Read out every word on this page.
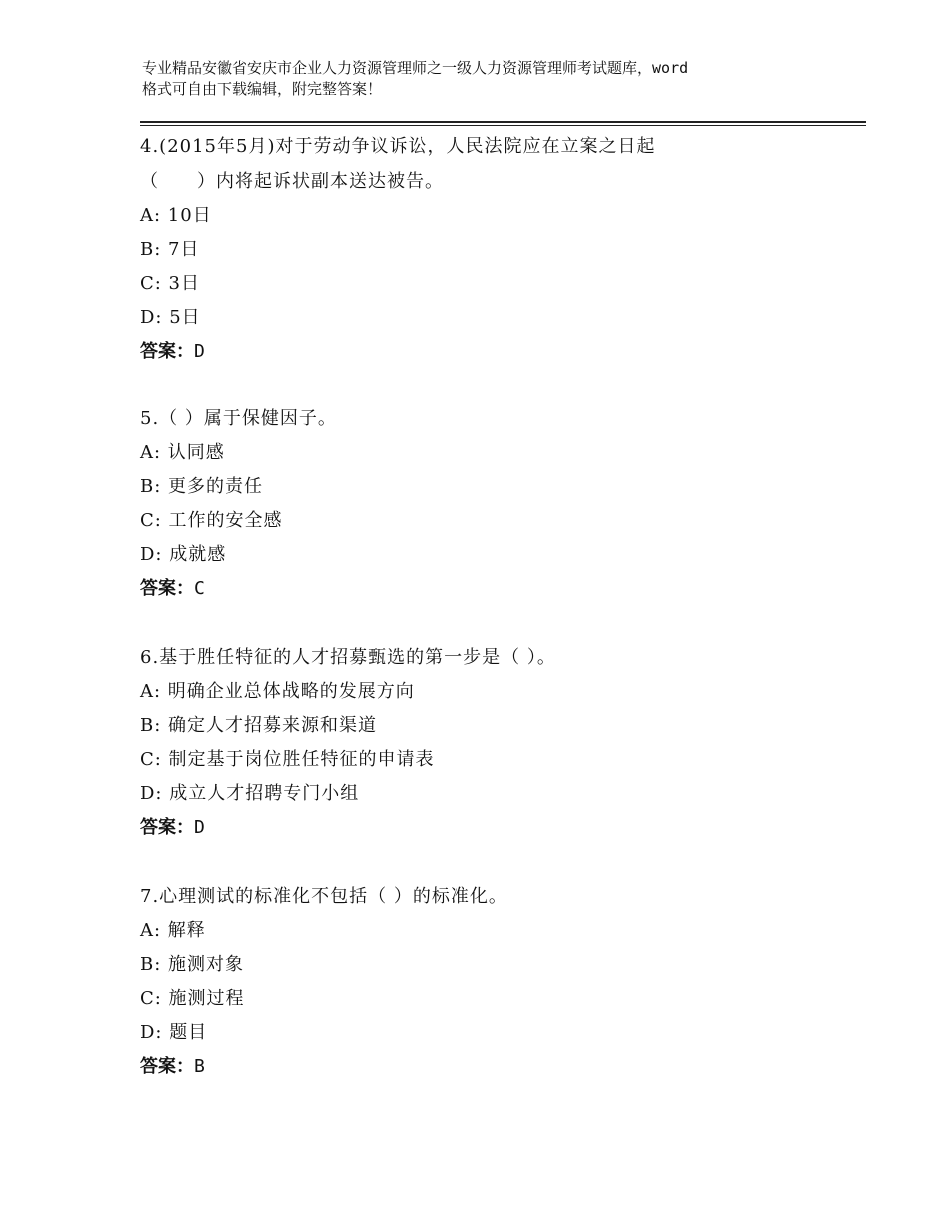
专业精品安徽省安庆市企业人力资源管理师之一级人力资源管理师考试题库，word
格式可自由下载编辑，附完整答案！
4.(2015年5月)对于劳动争议诉讼，人民法院应在立案之日起
（　　）内将起诉状副本送达被告。
A: 10日
B: 7日
C: 3日
D: 5日
答案：D
5.（ ）属于保健因子。
A: 认同感
B: 更多的责任
C: 工作的安全感
D: 成就感
答案：C
6.基于胜任特征的人才招募甄选的第一步是（ ）。
A: 明确企业总体战略的发展方向
B: 确定人才招募来源和渠道
C: 制定基于岗位胜任特征的申请表
D: 成立人才招聘专门小组
答案：D
7.心理测试的标准化不包括（ ）的标准化。
A: 解释
B: 施测对象
C: 施测过程
D: 题目
答案：B
